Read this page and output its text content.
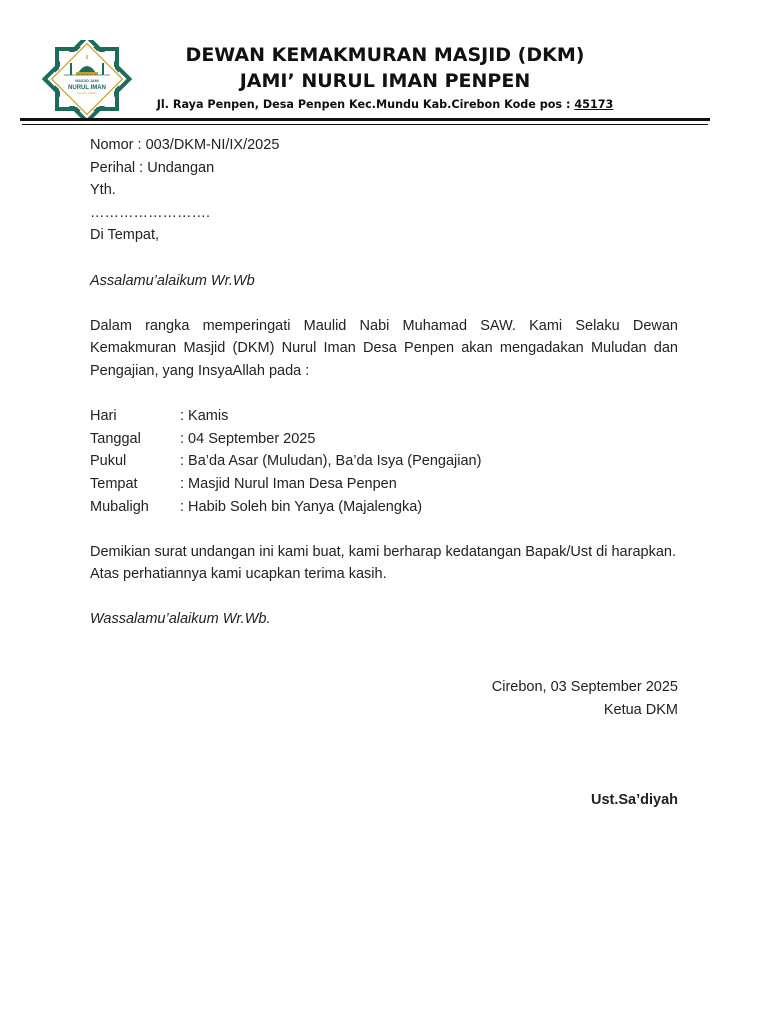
DEWAN KEMAKMURAN MASJID JAMI
MASJID JAMI
NURUL IMAN
Penpen · Mundu
DEWAN KEMAKMURAN MASJID (DKM)
JAMI’ NURUL IMAN PENPEN
Jl. Raya Penpen, Desa Penpen Kec.Mundu Kab.Cirebon Kode pos : 45173
Nomor : 003/DKM-NI/IX/2025
Perihal : Undangan
Yth.
…………………….
Di Tempat,
Assalamu’alaikum Wr.Wb
Dalam rangka memperingati Maulid Nabi Muhamad SAW. Kami Selaku Dewan Kemakmuran Masjid (DKM) Nurul Iman Desa Penpen akan mengadakan Muludan dan Pengajian, yang InsyaAllah pada :
Hari	: Kamis
Tanggal	: 04 September 2025
Pukul	: Ba’da Asar (Muludan), Ba’da Isya (Pengajian)
Tempat	: Masjid Nurul Iman Desa Penpen
Mubaligh	: Habib Soleh bin Yanya (Majalengka)
Demikian surat undangan ini kami buat, kami berharap kedatangan Bapak/Ust di harapkan.
Atas perhatiannya kami ucapkan terima kasih.
Wassalamu’alaikum Wr.Wb.
Cirebon, 03 September 2025
Ketua DKM
Ust.Sa’diyah
